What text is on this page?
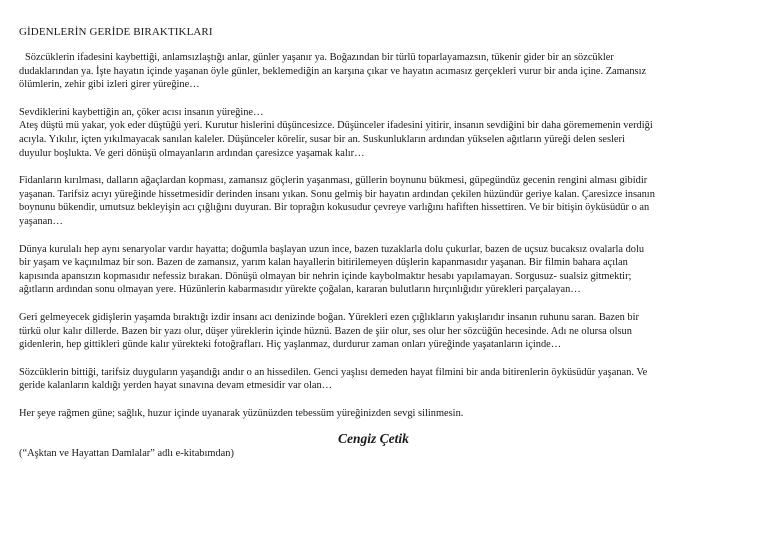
GİDENLERİN GERİDE BIRAKTIKLARI
Sözcüklerin ifadesini kaybettiği, anlamsızlaştığı anlar, günler yaşanır ya. Boğazından bir türlü toparlayamazsın, tükenir gider bir an sözcükler
dudaklarından ya. İşte hayatın içinde yaşanan öyle günler, beklemediğin an karşına çıkar ve hayatın acımasız gerçekleri vurur bir anda içine. Zamansız
ölümlerin, zehir gibi izleri girer yüreğine…
Sevdiklerini kaybettiğin an, çöker acısı insanın yüreğine…
Ateş düştü mü yakar, yok eder düştüğü yeri. Kurutur hislerini düşüncesizce. Düşünceler ifadesini yitirir, insanın sevdiğini bir daha görememenin verdiği
acıyla. Yıkılır, içten yıkılmayacak sanılan kaleler. Düşünceler körelir, susar bir an. Suskunlukların ardından yükselen ağıtların yüreği delen sesleri
duyulur boşlukta. Ve geri dönüşü olmayanların ardından çaresizce yaşamak kalır…
Fidanların kırılması, dalların ağaçlardan kopması, zamansız göçlerin yaşanması, güllerin boynunu bükmesi, güpegündüz gecenin rengini alması gibidir
yaşanan. Tarifsiz acıyı yüreğinde hissetmesidir derinden insanı yıkan. Sonu gelmiş bir hayatın ardından çekilen hüzündür geriye kalan. Çaresizce insanın
boynunu bükendir, umutsuz bekleyişin acı çığlığını duyuran. Bir toprağın kokusudur çevreye varlığını hafiften hissettiren. Ve bir bitişin öyküsüdür o an
yaşanan…
Dünya kurulalı hep aynı senaryolar vardır hayatta; doğumla başlayan uzun ince, bazen tuzaklarla dolu çukurlar, bazen de uçsuz bucaksız ovalarla dolu
bir yaşam ve kaçınılmaz bir son. Bazen de zamansız, yarım kalan hayallerin bitirilemeyen düşlerin kapanmasıdır yaşanan. Bir filmin bahara açılan
kapısında apansızın kopmasıdır nefessiz bırakan. Dönüşü olmayan bir nehrin içinde kaybolmaktır hesabı yapılamayan. Sorgusuz- sualsiz gitmektir;
ağıtların ardından sonu olmayan yere. Hüzünlerin kabarmasıdır yürekte çoğalan, kararan bulutların hırçınlığıdır yürekleri parçalayan…
Geri gelmeyecek gidişlerin yaşamda bıraktığı izdir insanı acı denizinde boğan. Yürekleri ezen çığlıkların yakışlarıdır insanın ruhunu saran. Bazen bir
türkü olur kalır dillerde. Bazen bir yazı olur, düşer yüreklerin içinde hüznü. Bazen de şiir olur, ses olur her sözcüğün hecesinde. Adı ne olursa olsun
gidenlerin, hep gittikleri günde kalır yürekteki fotoğrafları. Hiç yaşlanmaz, durdurur zaman onları yüreğinde yaşatanların içinde…
Sözcüklerin bittiği, tarifsiz duyguların yaşandığı andır o an hissedilen. Genci yaşlısı demeden hayat filmini bir anda bitirenlerin öyküsüdür yaşanan. Ve
geride kalanların kaldığı yerden hayat sınavına devam etmesidir var olan…
Her şeye rağmen güne; sağlık, huzur içinde uyanarak yüzünüzden tebessüm yüreğinizden sevgi silinmesin.
Cengiz Çetik
(“Aşktan ve Hayattan Damlalar” adlı e-kitabımdan)
